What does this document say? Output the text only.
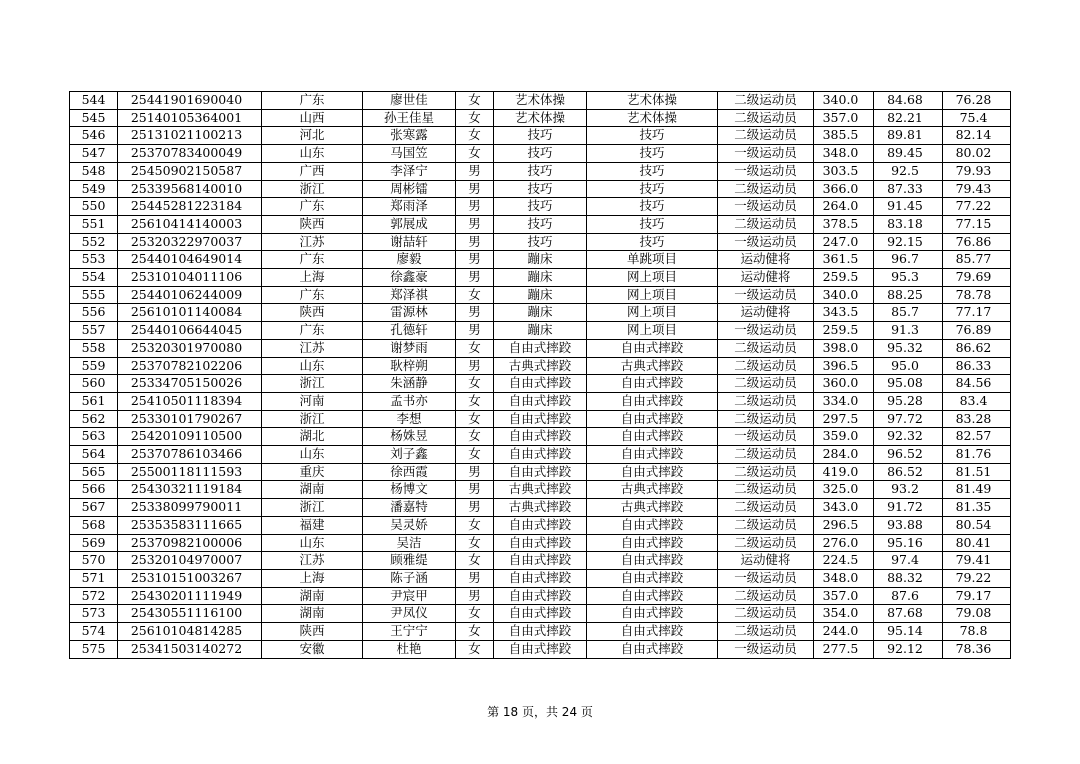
544	25441901690040	广东	廖世佳	女	艺术体操	艺术体操	二级运动员	340.0	84.68	76.28
545	25140105364001	山西	孙王佳星	女	艺术体操	艺术体操	二级运动员	357.0	82.21	75.4
546	25131021100213	河北	张寒露	女	技巧	技巧	二级运动员	385.5	89.81	82.14
547	25370783400049	山东	马国笠	女	技巧	技巧	一级运动员	348.0	89.45	80.02
548	25450902150587	广西	李泽宁	男	技巧	技巧	一级运动员	303.5	92.5	79.93
549	25339568140010	浙江	周彬镭	男	技巧	技巧	二级运动员	366.0	87.33	79.43
550	25445281223184	广东	郑雨泽	男	技巧	技巧	一级运动员	264.0	91.45	77.22
551	25610414140003	陕西	郭展成	男	技巧	技巧	二级运动员	378.5	83.18	77.15
552	25320322970037	江苏	谢喆轩	男	技巧	技巧	一级运动员	247.0	92.15	76.86
553	25440104649014	广东	廖毅	男	蹦床	单跳项目	运动健将	361.5	96.7	85.77
554	25310104011106	上海	徐鑫豪	男	蹦床	网上项目	运动健将	259.5	95.3	79.69
555	25440106244009	广东	郑泽祺	女	蹦床	网上项目	一级运动员	340.0	88.25	78.78
556	25610101140084	陕西	雷源林	男	蹦床	网上项目	运动健将	343.5	85.7	77.17
557	25440106644045	广东	孔德轩	男	蹦床	网上项目	一级运动员	259.5	91.3	76.89
558	25320301970080	江苏	谢梦雨	女	自由式摔跤	自由式摔跤	二级运动员	398.0	95.32	86.62
559	25370782102206	山东	耿梓朔	男	古典式摔跤	古典式摔跤	二级运动员	396.5	95.0	86.33
560	25334705150026	浙江	朱涵静	女	自由式摔跤	自由式摔跤	二级运动员	360.0	95.08	84.56
561	25410501118394	河南	孟书亦	女	自由式摔跤	自由式摔跤	二级运动员	334.0	95.28	83.4
562	25330101790267	浙江	李想	女	自由式摔跤	自由式摔跤	二级运动员	297.5	97.72	83.28
563	25420109110500	湖北	杨姝昱	女	自由式摔跤	自由式摔跤	一级运动员	359.0	92.32	82.57
564	25370786103466	山东	刘子鑫	女	自由式摔跤	自由式摔跤	二级运动员	284.0	96.52	81.76
565	25500118111593	重庆	徐西霞	男	自由式摔跤	自由式摔跤	二级运动员	419.0	86.52	81.51
566	25430321119184	湖南	杨博文	男	古典式摔跤	古典式摔跤	二级运动员	325.0	93.2	81.49
567	25338099790011	浙江	潘嘉特	男	古典式摔跤	古典式摔跤	二级运动员	343.0	91.72	81.35
568	25353583111665	福建	吴灵娇	女	自由式摔跤	自由式摔跤	二级运动员	296.5	93.88	80.54
569	25370982100006	山东	吴洁	女	自由式摔跤	自由式摔跤	二级运动员	276.0	95.16	80.41
570	25320104970007	江苏	顾雅缇	女	自由式摔跤	自由式摔跤	运动健将	224.5	97.4	79.41
571	25310151003267	上海	陈子涵	男	自由式摔跤	自由式摔跤	一级运动员	348.0	88.32	79.22
572	25430201111949	湖南	尹宸甲	男	自由式摔跤	自由式摔跤	二级运动员	357.0	87.6	79.17
573	25430551116100	湖南	尹凤仪	女	自由式摔跤	自由式摔跤	二级运动员	354.0	87.68	79.08
574	25610104814285	陕西	王宁宁	女	自由式摔跤	自由式摔跤	二级运动员	244.0	95.14	78.8
575	25341503140272	安徽	杜艳	女	自由式摔跤	自由式摔跤	一级运动员	277.5	92.12	78.36
第 18 页，共 24 页
